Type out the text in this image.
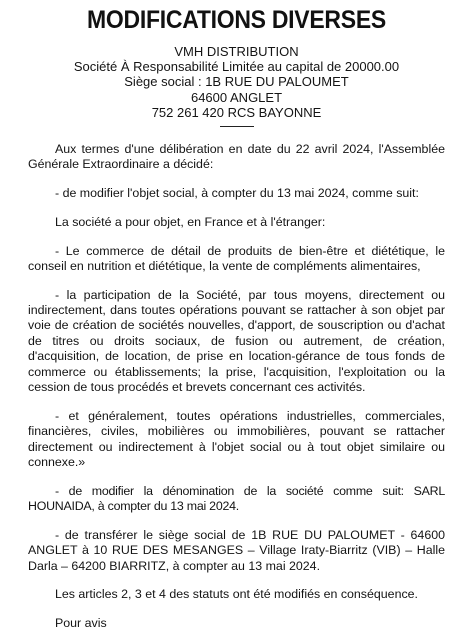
MODIFICATIONS DIVERSES
VMH DISTRIBUTION
Société À Responsabilité Limitée au capital de 20000.00
Siège social : 1B RUE DU PALOUMET
64600 ANGLET
752 261 420 RCS BAYONNE

Aux termes d'une délibération en date du 22 avril 2024, l'Assemblée Générale Extraordinaire a décidé:

- de modifier l'objet social, à compter du 13 mai 2024, comme suit:

La société a pour objet, en France et à l'étranger:

- Le commerce de détail de produits de bien-être et diététique, le conseil en nutrition et diététique, la vente de compléments alimentaires,

- la participation de la Société, par tous moyens, directement ou indirectement, dans toutes opérations pouvant se rattacher à son objet par voie de création de sociétés nouvelles, d'apport, de souscription ou d'achat de titres ou droits sociaux, de fusion ou autrement, de création, d'acquisition, de location, de prise en location-gérance de tous fonds de commerce ou établissements; la prise, l'acquisition, l'exploitation ou la cession de tous procédés et brevets concernant ces activités.

- et généralement, toutes opérations industrielles, commerciales, financières, civiles, mobilières ou immobilières, pouvant se rattacher directement ou indirectement à l'objet social ou à tout objet similaire ou connexe.»

- de modifier la dénomination de la société comme suit: SARL HOUNAIDA, à compter du 13 mai 2024.

- de transférer le siège social de 1B RUE DU PALOUMET - 64600 ANGLET à 10 RUE DES MESANGES – Village Iraty-Biarritz (VIB) – Halle Darla – 64200 BIARRITZ, à compter au 13 mai 2024.

Les articles 2, 3 et 4 des statuts ont été modifiés en conséquence.

Pour avis
